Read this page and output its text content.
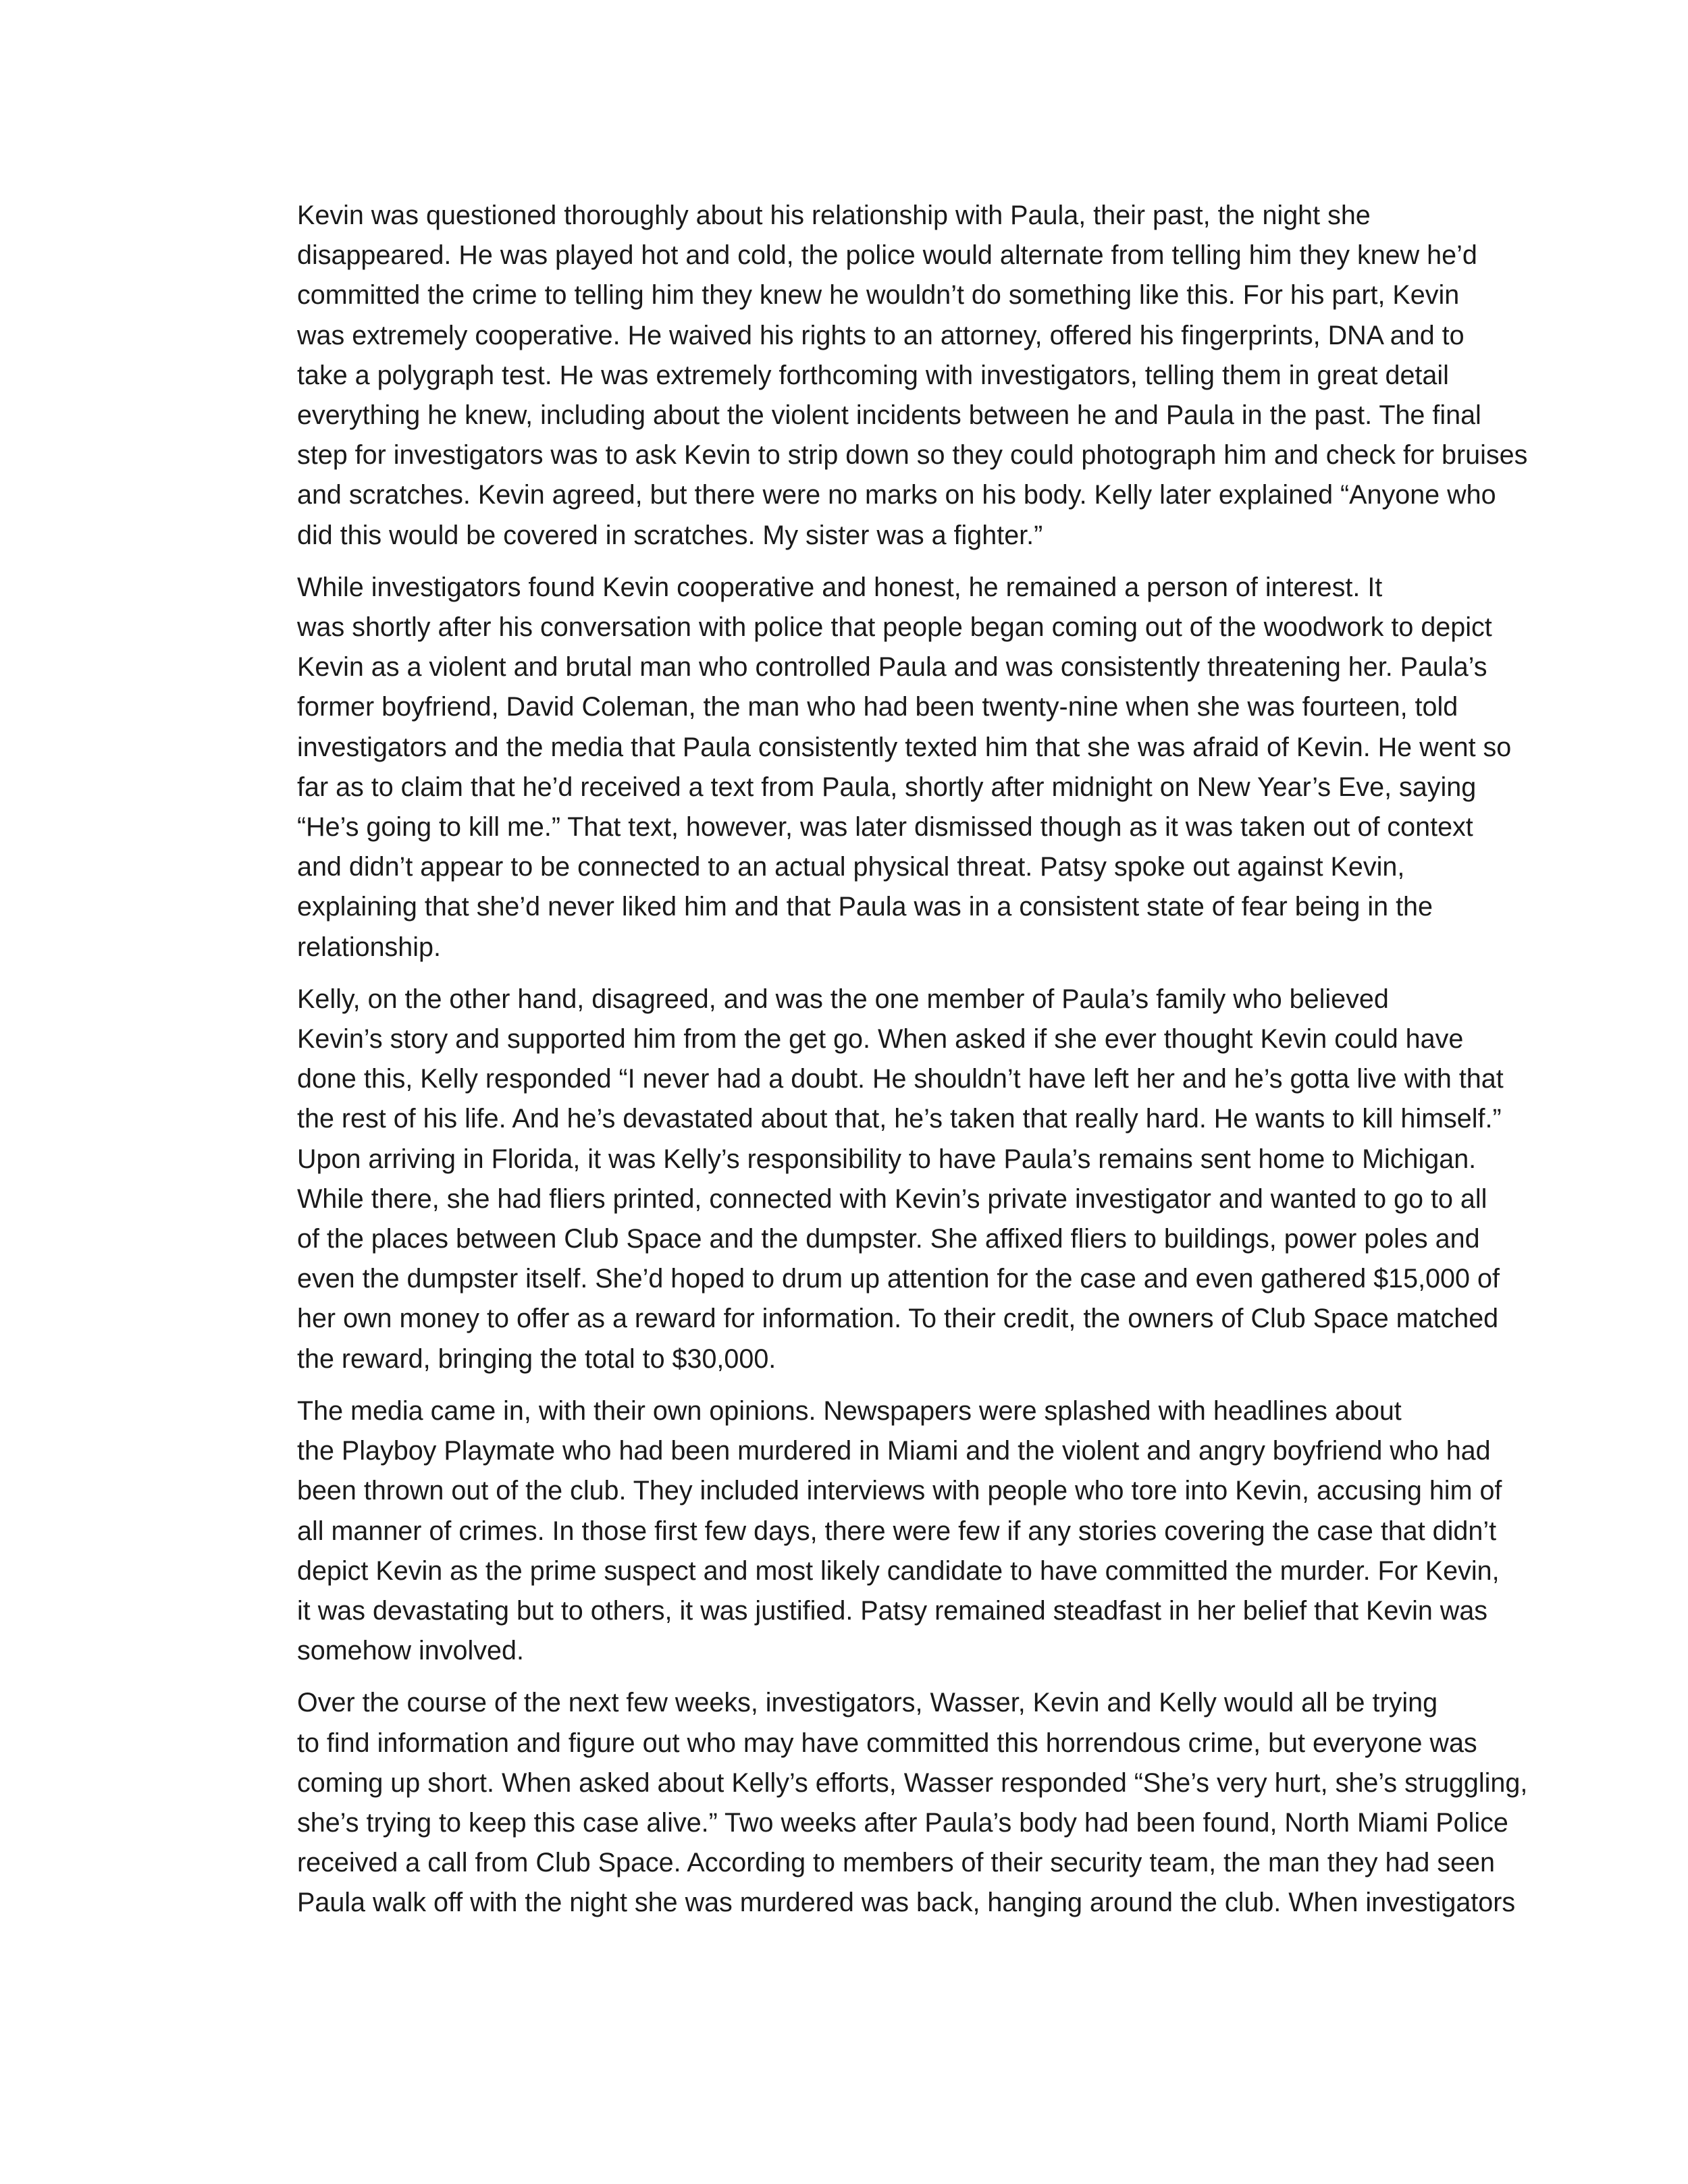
Kevin was questioned thoroughly about his relationship with Paula, their past, the night she
disappeared. He was played hot and cold, the police would alternate from telling him they knew he’d
committed the crime to telling him they knew he wouldn’t do something like this. For his part, Kevin
was extremely cooperative. He waived his rights to an attorney, offered his fingerprints, DNA and to
take a polygraph test. He was extremely forthcoming with investigators, telling them in great detail
everything he knew, including about the violent incidents between he and Paula in the past. The final
step for investigators was to ask Kevin to strip down so they could photograph him and check for bruises
and scratches. Kevin agreed, but there were no marks on his body. Kelly later explained “Anyone who
did this would be covered in scratches. My sister was a fighter.”

While investigators found Kevin cooperative and honest, he remained a person of interest. It
was shortly after his conversation with police that people began coming out of the woodwork to depict
Kevin as a violent and brutal man who controlled Paula and was consistently threatening her. Paula’s
former boyfriend, David Coleman, the man who had been twenty-nine when she was fourteen, told
investigators and the media that Paula consistently texted him that she was afraid of Kevin. He went so
far as to claim that he’d received a text from Paula, shortly after midnight on New Year’s Eve, saying
“He’s going to kill me.” That text, however, was later dismissed though as it was taken out of context
and didn’t appear to be connected to an actual physical threat. Patsy spoke out against Kevin,
explaining that she’d never liked him and that Paula was in a consistent state of fear being in the
relationship.

Kelly, on the other hand, disagreed, and was the one member of Paula’s family who believed
Kevin’s story and supported him from the get go. When asked if she ever thought Kevin could have
done this, Kelly responded “I never had a doubt. He shouldn’t have left her and he’s gotta live with that
the rest of his life. And he’s devastated about that, he’s taken that really hard. He wants to kill himself.”
Upon arriving in Florida, it was Kelly’s responsibility to have Paula’s remains sent home to Michigan.
While there, she had fliers printed, connected with Kevin’s private investigator and wanted to go to all
of the places between Club Space and the dumpster. She affixed fliers to buildings, power poles and
even the dumpster itself. She’d hoped to drum up attention for the case and even gathered $15,000 of
her own money to offer as a reward for information. To their credit, the owners of Club Space matched
the reward, bringing the total to $30,000.

The media came in, with their own opinions. Newspapers were splashed with headlines about
the Playboy Playmate who had been murdered in Miami and the violent and angry boyfriend who had
been thrown out of the club. They included interviews with people who tore into Kevin, accusing him of
all manner of crimes. In those first few days, there were few if any stories covering the case that didn’t
depict Kevin as the prime suspect and most likely candidate to have committed the murder. For Kevin,
it was devastating but to others, it was justified. Patsy remained steadfast in her belief that Kevin was
somehow involved.

Over the course of the next few weeks, investigators, Wasser, Kevin and Kelly would all be trying
to find information and figure out who may have committed this horrendous crime, but everyone was
coming up short. When asked about Kelly’s efforts, Wasser responded “She’s very hurt, she’s struggling,
she’s trying to keep this case alive.” Two weeks after Paula’s body had been found, North Miami Police
received a call from Club Space. According to members of their security team, the man they had seen
Paula walk off with the night she was murdered was back, hanging around the club. When investigators
